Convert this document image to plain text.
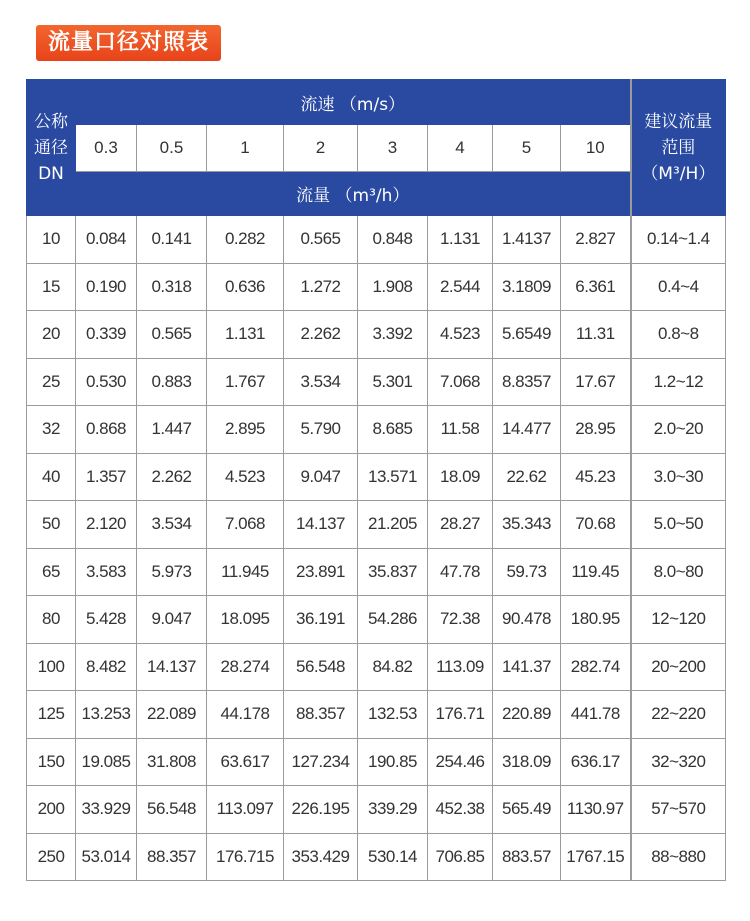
流量口径对照表
公称
通径
DN	流速 （m/s）								建议流量
范围
（M³/H）

	0.3	0.5	1	2	3	4	5	10	
	流量 （m³/h）								
10	0.084	0.141	0.282	0.565	0.848	1.131	1.4137	2.827	0.14~1.4
15	0.190	0.318	0.636	1.272	1.908	2.544	3.1809	6.361	0.4~4
20	0.339	0.565	1.131	2.262	3.392	4.523	5.6549	11.31	0.8~8
25	0.530	0.883	1.767	3.534	5.301	7.068	8.8357	17.67	1.2~12
32	0.868	1.447	2.895	5.790	8.685	11.58	14.477	28.95	2.0~20
40	1.357	2.262	4.523	9.047	13.571	18.09	22.62	45.23	3.0~30
50	2.120	3.534	7.068	14.137	21.205	28.27	35.343	70.68	5.0~50
65	3.583	5.973	11.945	23.891	35.837	47.78	59.73	119.45	8.0~80
80	5.428	9.047	18.095	36.191	54.286	72.38	90.478	180.95	12~120
100	8.482	14.137	28.274	56.548	84.82	113.09	141.37	282.74	20~200
125	13.253	22.089	44.178	88.357	132.53	176.71	220.89	441.78	22~220
150	19.085	31.808	63.617	127.234	190.85	254.46	318.09	636.17	32~320
200	33.929	56.548	113.097	226.195	339.29	452.38	565.49	1130.97	57~570
250	53.014	88.357	176.715	353.429	530.14	706.85	883.57	1767.15	88~880
